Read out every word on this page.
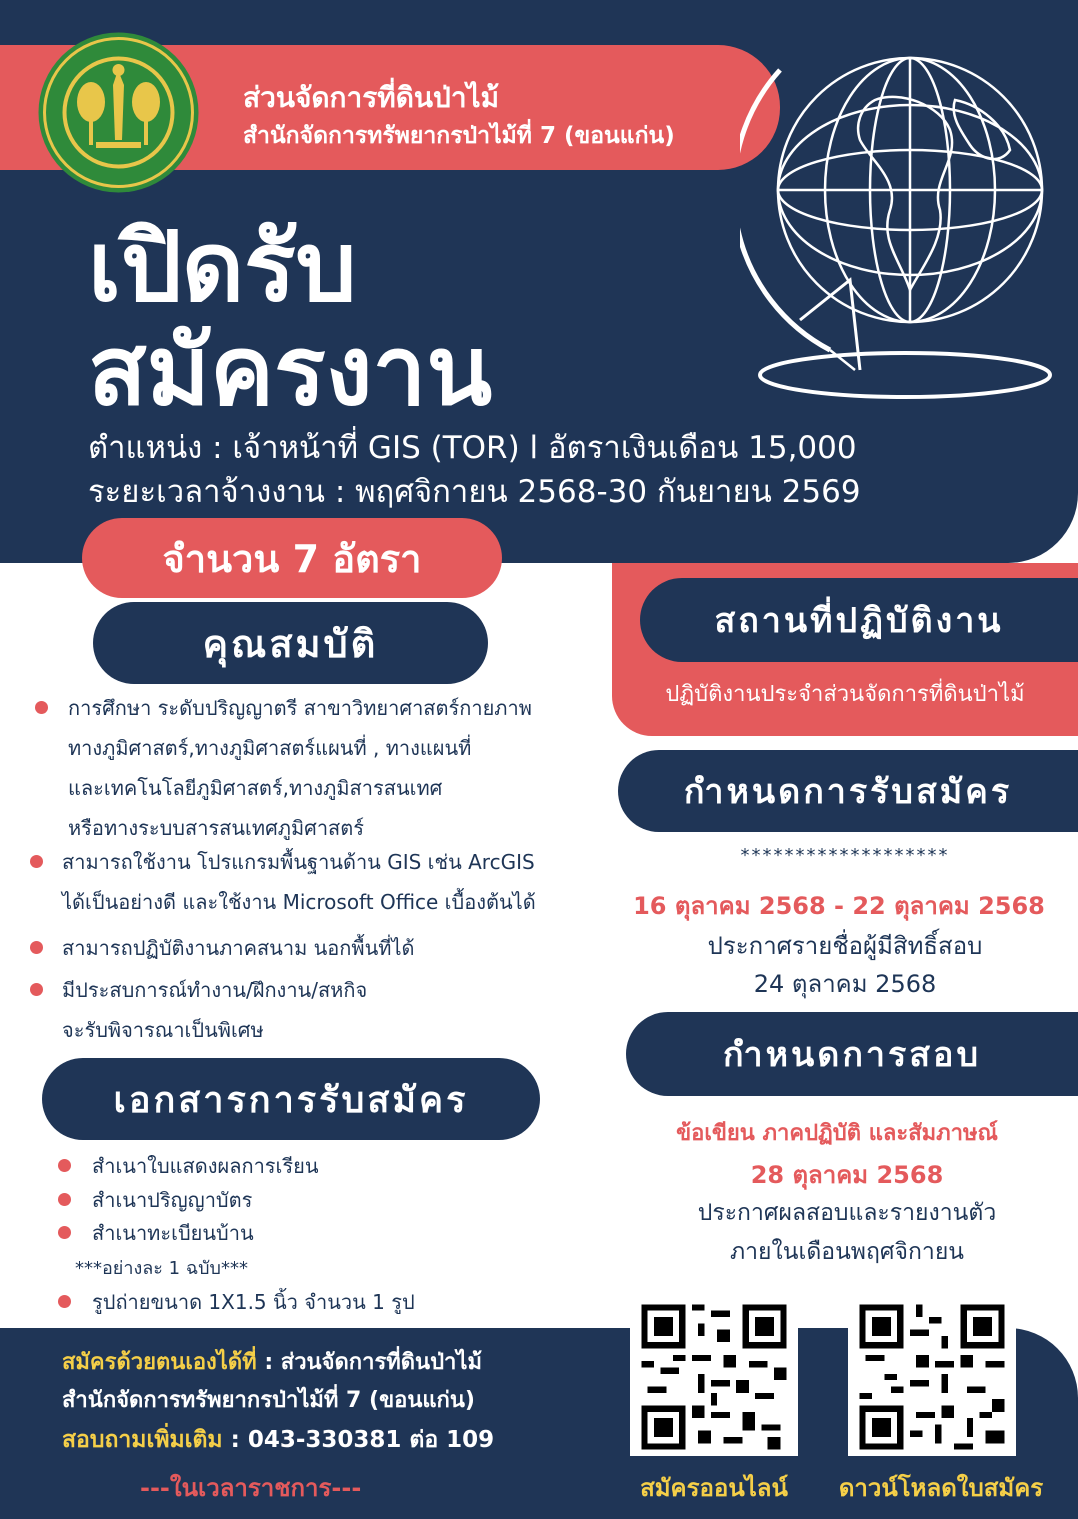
ส่วนจัดการที่ดินป่าไม้
สำนักจัดการทรัพยากรป่าไม้ที่ 7 (ขอนแก่น)
เปิดรับ
สมัครงาน
ตำแหน่ง : เจ้าหน้าที่ GIS (TOR) l อัตราเงินเดือน 15,000
ระยะเวลาจ้างงาน : พฤศจิกายน 2568-30 กันยายน 2569
จำนวน 7 อัตรา
คุณสมบัติ
การศึกษา ระดับปริญญาตรี สาขาวิทยาศาสตร์กายภาพ
ทางภูมิศาสตร์,ทางภูมิศาสตร์แผนที่ , ทางแผนที่
และเทคโนโลยีภูมิศาสตร์,ทางภูมิสารสนเทศ
หรือทางระบบสารสนเทศภูมิศาสตร์
สามารถใช้งาน โปรแกรมพื้นฐานด้าน GIS เช่น ArcGIS
ได้เป็นอย่างดี และใช้งาน Microsoft Office เบื้องต้นได้
สามารถปฏิบัติงานภาคสนาม นอกพื้นที่ได้
มีประสบการณ์ทำงาน/ฝึกงาน/สหกิจ
จะรับพิจารณาเป็นพิเศษ
สถานที่ปฏิบัติงาน
ปฏิบัติงานประจำส่วนจัดการที่ดินป่าไม้
กำหนดการรับสมัคร
*******************
16 ตุลาคม 2568 - 22 ตุลาคม 2568
ประกาศรายชื่อผู้มีสิทธิ์สอบ
24 ตุลาคม 2568
เอกสารการรับสมัคร
สำเนาใบแสดงผลการเรียน
สำเนาปริญญาบัตร
สำเนาทะเบียนบ้าน
***อย่างละ 1 ฉบับ***
รูปถ่ายขนาด 1X1.5 นิ้ว จำนวน 1 รูป
กำหนดการสอบ
ข้อเขียน ภาคปฏิบัติ และสัมภาษณ์
28 ตุลาคม 2568
ประกาศผลสอบและรายงานตัว
ภายในเดือนพฤศจิกายน
สมัครด้วยตนเองได้ที่ : ส่วนจัดการที่ดินป่าไม้
สำนักจัดการทรัพยากรป่าไม้ที่ 7 (ขอนแก่น)
สอบถามเพิ่มเติม : 043-330381 ต่อ 109
---ในเวลาราชการ---	สมัครออนไลน์	ดาวน์โหลดใบสมัคร
